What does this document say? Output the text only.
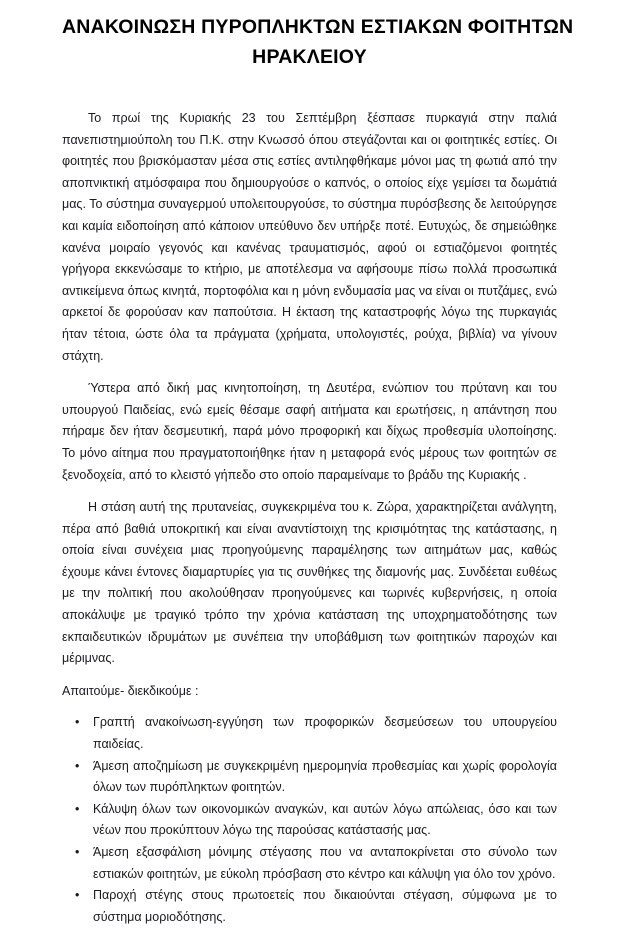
ΑΝΑΚΟΙΝΩΣΗ ΠΥΡΟΠΛΗΚΤΩΝ ΕΣΤΙΑΚΩΝ ΦΟΙΤΗΤΩΝ
ΗΡΑΚΛΕΙΟΥ

Το πρωί της Κυριακής 23 του Σεπτέμβρη ξέσπασε πυρκαγιά στην παλιά πανεπιστημιούπολη του Π.Κ. στην Κνωσσό όπου στεγάζονται και οι φοιτητικές εστίες. Οι φοιτητές που βρισκόμασταν μέσα στις εστίες αντιληφθήκαμε μόνοι μας τη φωτιά από την αποπνικτική ατμόσφαιρα που δημιουργούσε ο καπνός, ο οποίος είχε γεμίσει τα δωμάτιά μας. Το σύστημα συναγερμού υπολειτουργούσε, το σύστημα πυρόσβεσης δε λειτούργησε και καμία ειδοποίηση από κάποιον υπεύθυνο δεν υπήρξε ποτέ. Ευτυχώς, δε σημειώθηκε κανένα μοιραίο γεγονός και κανένας τραυματισμός, αφού οι εστιαζόμενοι φοιτητές γρήγορα εκκενώσαμε το κτήριο, με αποτέλεσμα να αφήσουμε πίσω πολλά προσωπικά αντικείμενα όπως κινητά, πορτοφόλια και η μόνη ενδυμασία μας να είναι οι πυτζάμες, ενώ αρκετοί δε φορούσαν καν παπούτσια. Η έκταση της καταστροφής λόγω της πυρκαγιάς ήταν τέτοια, ώστε όλα τα πράγματα (χρήματα, υπολογιστές, ρούχα, βιβλία) να γίνουν στάχτη.

Ύστερα από δική μας κινητοποίηση, τη Δευτέρα, ενώπιον του πρύτανη και του υπουργού Παιδείας, ενώ εμείς θέσαμε σαφή αιτήματα και ερωτήσεις, η απάντηση που πήραμε δεν ήταν δεσμευτική, παρά μόνο προφορική και δίχως προθεσμία υλοποίησης. Το μόνο αίτημα που πραγματοποιήθηκε ήταν η μεταφορά ενός μέρους των φοιτητών σε ξενοδοχεία, από το κλειστό γήπεδο στο οποίο παραμείναμε το βράδυ της Κυριακής .

Η στάση αυτή της πρυτανείας, συγκεκριμένα του κ. Ζώρα, χαρακτηρίζεται ανάλγητη, πέρα από βαθιά υποκριτική και είναι αναντίστοιχη της κρισιμότητας της κατάστασης, η οποία είναι συνέχεια μιας προηγούμενης παραμέλησης των αιτημάτων μας, καθώς έχουμε κάνει έντονες διαμαρτυρίες για τις συνθήκες της διαμονής μας. Συνδέεται ευθέως με την πολιτική που ακολούθησαν προηγούμενες και τωρινές κυβερνήσεις, η οποία αποκάλυψε με τραγικό τρόπο την χρόνια κατάσταση της υποχρηματοδότησης των εκπαιδευτικών ιδρυμάτων με συνέπεια την υποβάθμιση των φοιτητικών παροχών και μέριμνας.

Απαιτούμε- διεκδικούμε :

• Γραπτή ανακοίνωση-εγγύηση των προφορικών δεσμεύσεων του υπουργείου παιδείας.
• Άμεση αποζημίωση με συγκεκριμένη ημερομηνία προθεσμίας και χωρίς φορολογία όλων των πυρόπληκτων φοιτητών.
• Κάλυψη όλων των οικονομικών αναγκών, και αυτών λόγω απώλειας, όσο και των νέων που προκύπτουν λόγω της παρούσας κατάστασής μας.
• Άμεση εξασφάλιση μόνιμης στέγασης που να ανταποκρίνεται στο σύνολο των εστιακών φοιτητών, με εύκολη πρόσβαση στο κέντρο και κάλυψη για όλο τον χρόνο.
• Παροχή στέγης στους πρωτοετείς που δικαιούνται στέγαση, σύμφωνα με το σύστημα μοριοδότησης.
